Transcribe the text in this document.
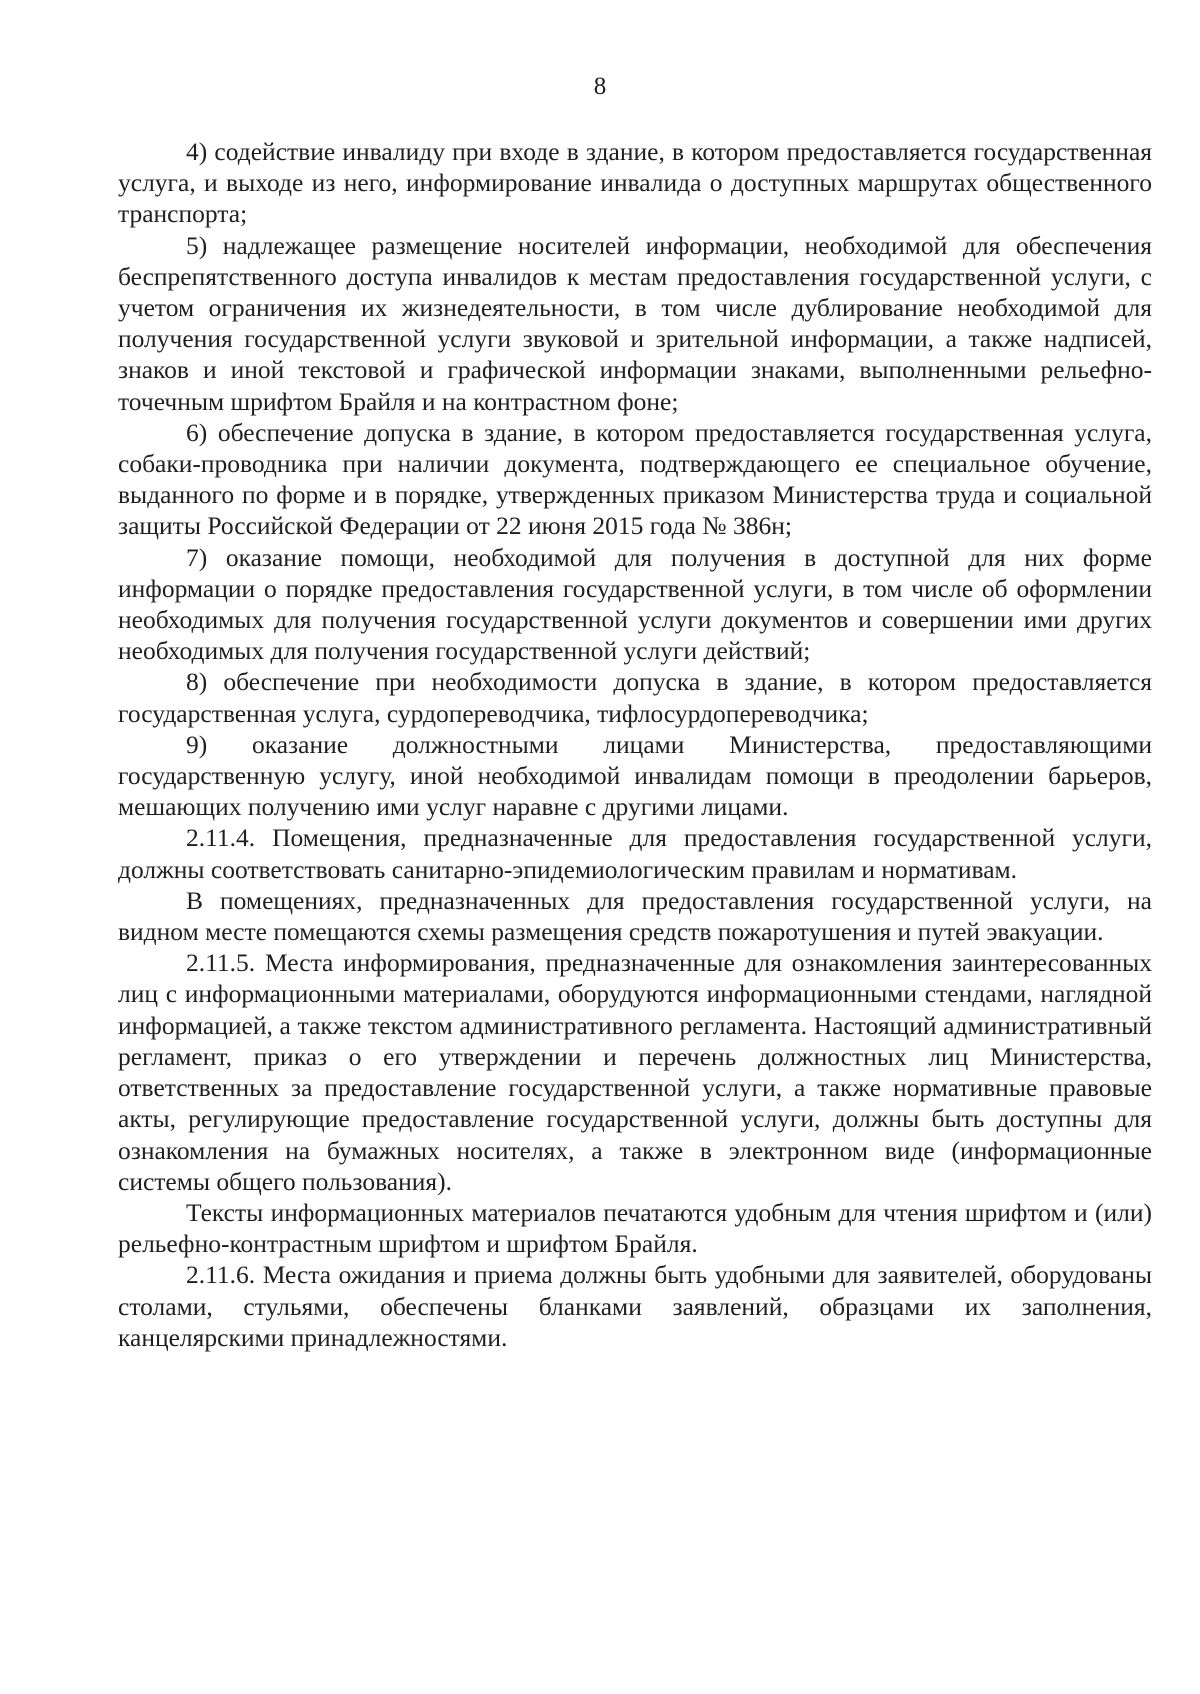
8

4) содействие инвалиду при входе в здание, в котором предоставляется государственная услуга, и выходе из него, информирование инвалида о доступных маршрутах общественного транспорта;

5) надлежащее размещение носителей информации, необходимой для обеспечения беспрепятственного доступа инвалидов к местам предоставления государственной услуги, с учетом ограничения их жизнедеятельности, в том числе дублирование необходимой для получения государственной услуги звуковой и зрительной информации, а также надписей, знаков и иной текстовой и графической информации знаками, выполненными рельефно-точечным шрифтом Брайля и на контрастном фоне;

6) обеспечение допуска в здание, в котором предоставляется государственная услуга, собаки-проводника при наличии документа, подтверждающего ее специальное обучение, выданного по форме и в порядке, утвержденных приказом Министерства труда и социальной защиты Российской Федерации от 22 июня 2015 года № 386н;

7) оказание помощи, необходимой для получения в доступной для них форме информации о порядке предоставления государственной услуги, в том числе об оформлении необходимых для получения государственной услуги документов и совершении ими других необходимых для получения государственной услуги действий;

8) обеспечение при необходимости допуска в здание, в котором предоставляется государственная услуга, сурдопереводчика, тифлосурдопереводчика;

9) оказание должностными лицами Министерства, предоставляющими государственную услугу, иной необходимой инвалидам помощи в преодолении барьеров, мешающих получению ими услуг наравне с другими лицами.

2.11.4. Помещения, предназначенные для предоставления государственной услуги, должны соответствовать санитарно-эпидемиологическим правилам и нормативам.

В помещениях, предназначенных для предоставления государственной услуги, на видном месте помещаются схемы размещения средств пожаротушения и путей эвакуации.

2.11.5. Места информирования, предназначенные для ознакомления заинтересованных лиц с информационными материалами, оборудуются информационными стендами, наглядной информацией, а также текстом административного регламента. Настоящий административный регламент, приказ о его утверждении и перечень должностных лиц Министерства, ответственных за предоставление государственной услуги, а также нормативные правовые акты, регулирующие предоставление государственной услуги, должны быть доступны для ознакомления на бумажных носителях, а также в электронном виде (информационные системы общего пользования).

Тексты информационных материалов печатаются удобным для чтения шрифтом и (или) рельефно-контрастным шрифтом и шрифтом Брайля.

2.11.6. Места ожидания и приема должны быть удобными для заявителей, оборудованы столами, стульями, обеспечены бланками заявлений, образцами их заполнения, канцелярскими принадлежностями.
